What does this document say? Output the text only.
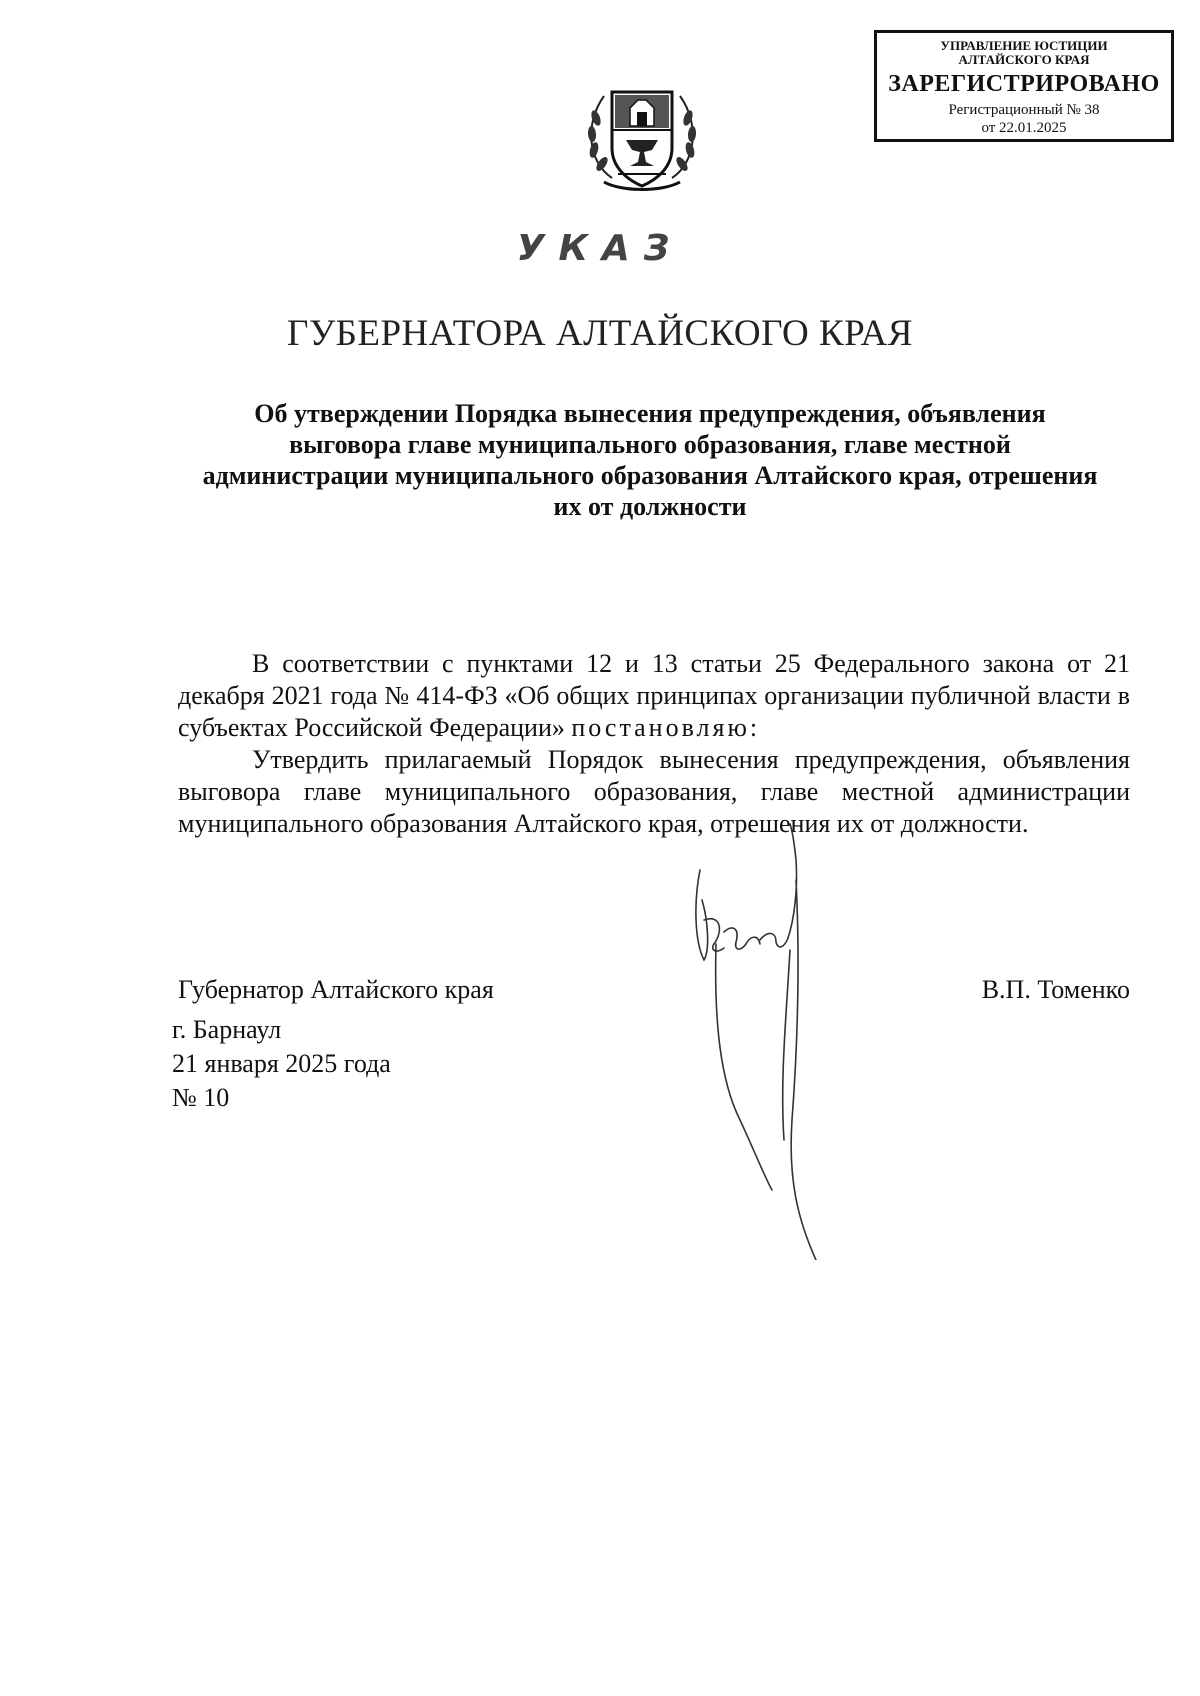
УПРАВЛЕНИЕ ЮСТИЦИИ
АЛТАЙСКОГО КРАЯ
ЗАРЕГИСТРИРОВАНО
Регистрационный № 38
от 22.01.2025
УКАЗ
ГУБЕРНАТОРА АЛТАЙСКОГО КРАЯ
Об утверждении Порядка вынесения предупреждения, объявления выговора главе муниципального образования, главе местной администрации муниципального образования Алтайского края, отрешения их от должности

В соответствии с пунктами 12 и 13 статьи 25 Федерального закона от 21 декабря 2021 года № 414-ФЗ «Об общих принципах организации публичной власти в субъектах Российской Федерации» постановляю:

Утвердить прилагаемый Порядок вынесения предупреждения, объявления выговора главе муниципального образования, главе местной администрации муниципального образования Алтайского края, отрешения их от должности.

Губернатор Алтайского края	В.П. Томенко
г. Барнаул
21 января 2025 года
№ 10
